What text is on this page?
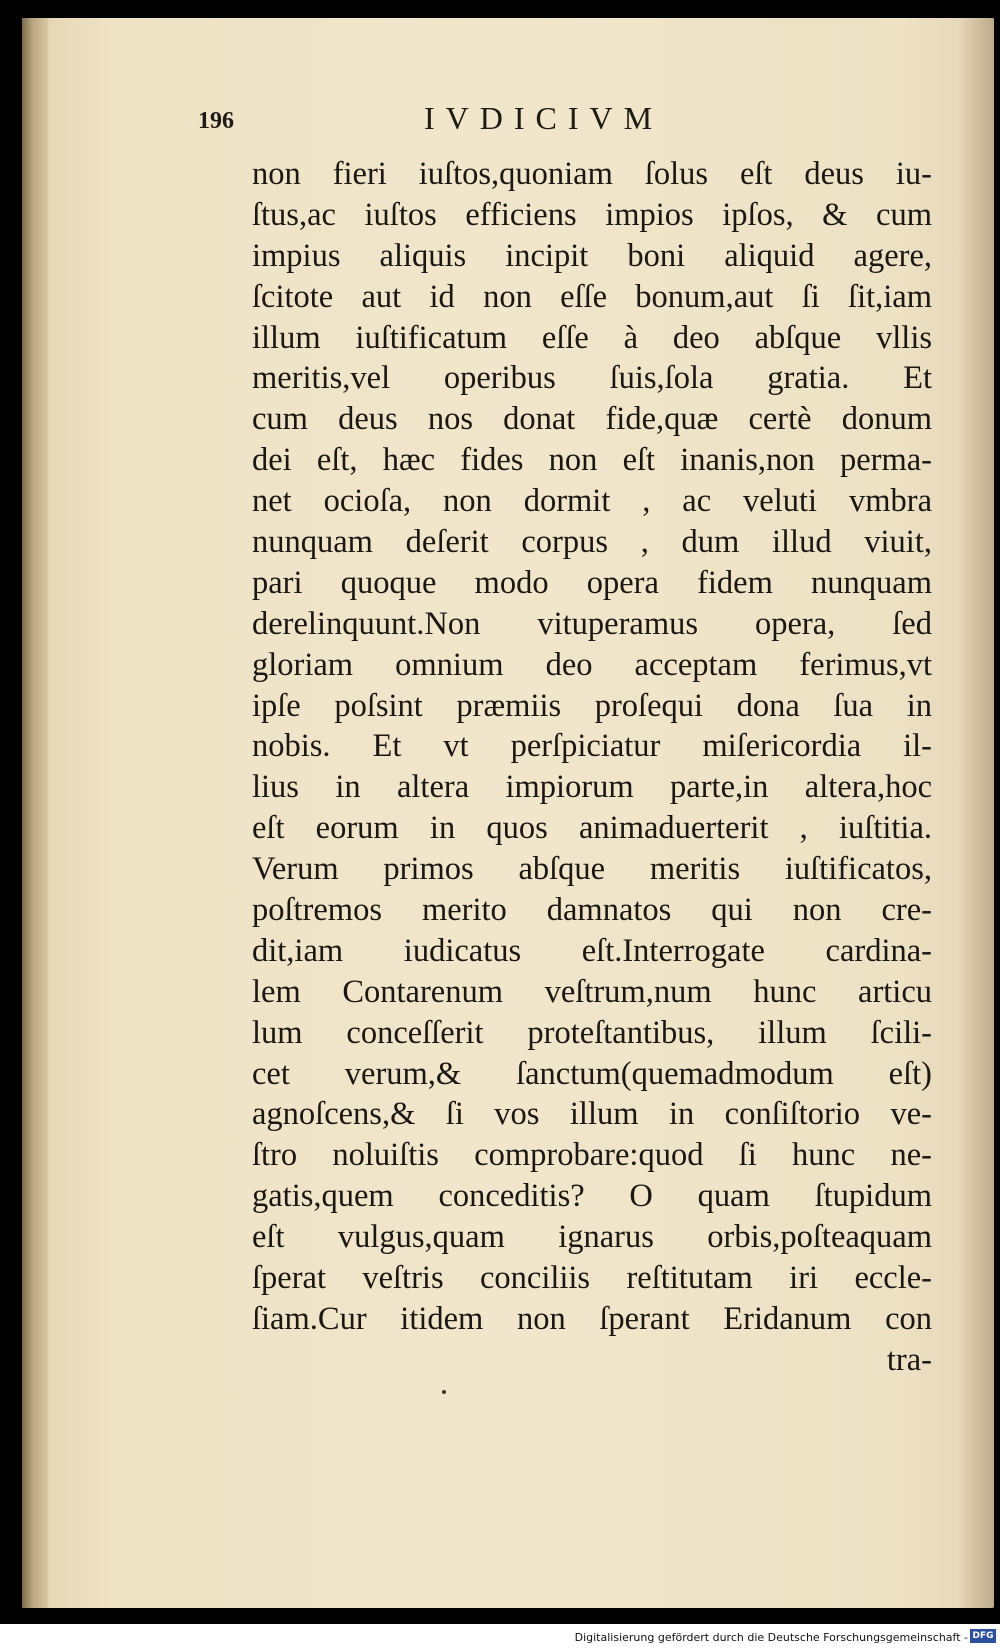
196	IVDICIVM
non fieri iuſtos,quoniam ſolus eſt deus iu-
ſtus,ac iuſtos efficiens impios ipſos, & cum
impius aliquis incipit boni aliquid agere,
ſcitote aut id non eſſe bonum,aut ſi ſit,iam
illum iuſtificatum eſſe à deo abſque vllis
meritis,vel operibus ſuis,ſola gratia. Et
cum deus nos donat fide,quæ certè donum
dei eſt, hæc fides non eſt inanis,non perma-
net ocioſa, non dormit , ac veluti vmbra
nunquam deſerit corpus , dum illud viuit,
pari quoque modo opera fidem nunquam
derelinquunt.Non vituperamus opera, ſed
gloriam omnium deo acceptam ferimus,vt
ipſe poſsint præmiis proſequi dona ſua in
nobis. Et vt perſpiciatur miſericordia il-
lius in altera impiorum parte,in altera,hoc
eſt eorum in quos animaduerterit , iuſtitia.
Verum primos abſque meritis iuſtificatos,
poſtremos merito damnatos qui non cre-
dit,iam iudicatus eſt.Interrogate cardina-
lem Contarenum veſtrum,num hunc articu
lum conceſſerit proteſtantibus, illum ſcili-
cet verum,& ſanctum(quemadmodum eſt)
agnoſcens,& ſi vos illum in conſiſtorio ve-
ſtro noluiſtis comprobare:quod ſi hunc ne-
gatis,quem conceditis? O quam ſtupidum
eſt vulgus,quam ignarus orbis,poſteaquam
ſperat veſtris conciliis reſtitutam iri eccle-
ſiam.Cur itidem non ſperant Eridanum con
tra-
Digitalisierung gefördert durch die Deutsche Forschungsgemeinschaft - DFG
